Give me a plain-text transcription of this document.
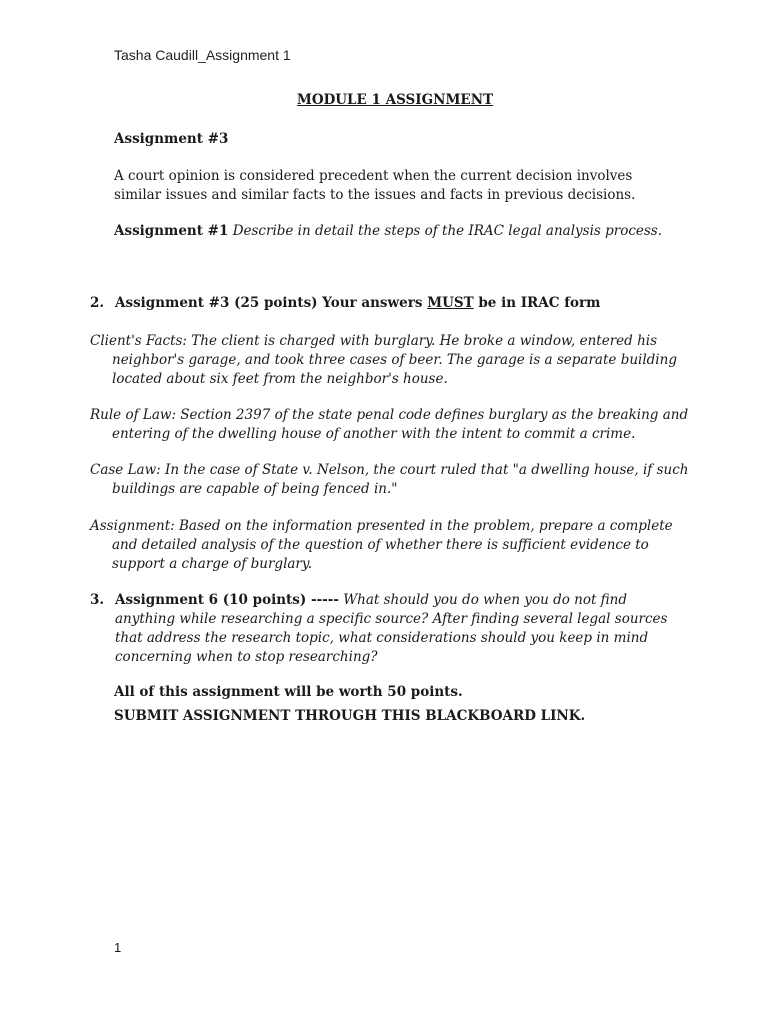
Tasha Caudill_Assignment 1
MODULE 1 ASSIGNMENT
Assignment #3
A court opinion is considered precedent when the current decision involves similar issues and similar facts to the issues and facts in previous decisions.
Assignment #1 Describe in detail the steps of the IRAC legal analysis process.
2. Assignment #3 (25 points) Your answers MUST be in IRAC form
Client's Facts: The client is charged with burglary. He broke a window, entered his neighbor's garage, and took three cases of beer. The garage is a separate building located about six feet from the neighbor's house.
Rule of Law: Section 2397 of the state penal code defines burglary as the breaking and entering of the dwelling house of another with the intent to commit a crime.
Case Law: In the case of State v. Nelson, the court ruled that "a dwelling house, if such buildings are capable of being fenced in."
Assignment: Based on the information presented in the problem, prepare a complete and detailed analysis of the question of whether there is sufficient evidence to support a charge of burglary.
3. Assignment 6 (10 points) ----- What should you do when you do not find anything while researching a specific source? After finding several legal sources that address the research topic, what considerations should you keep in mind concerning when to stop researching?
All of this assignment will be worth 50 points.
SUBMIT ASSIGNMENT THROUGH THIS BLACKBOARD LINK.
1
